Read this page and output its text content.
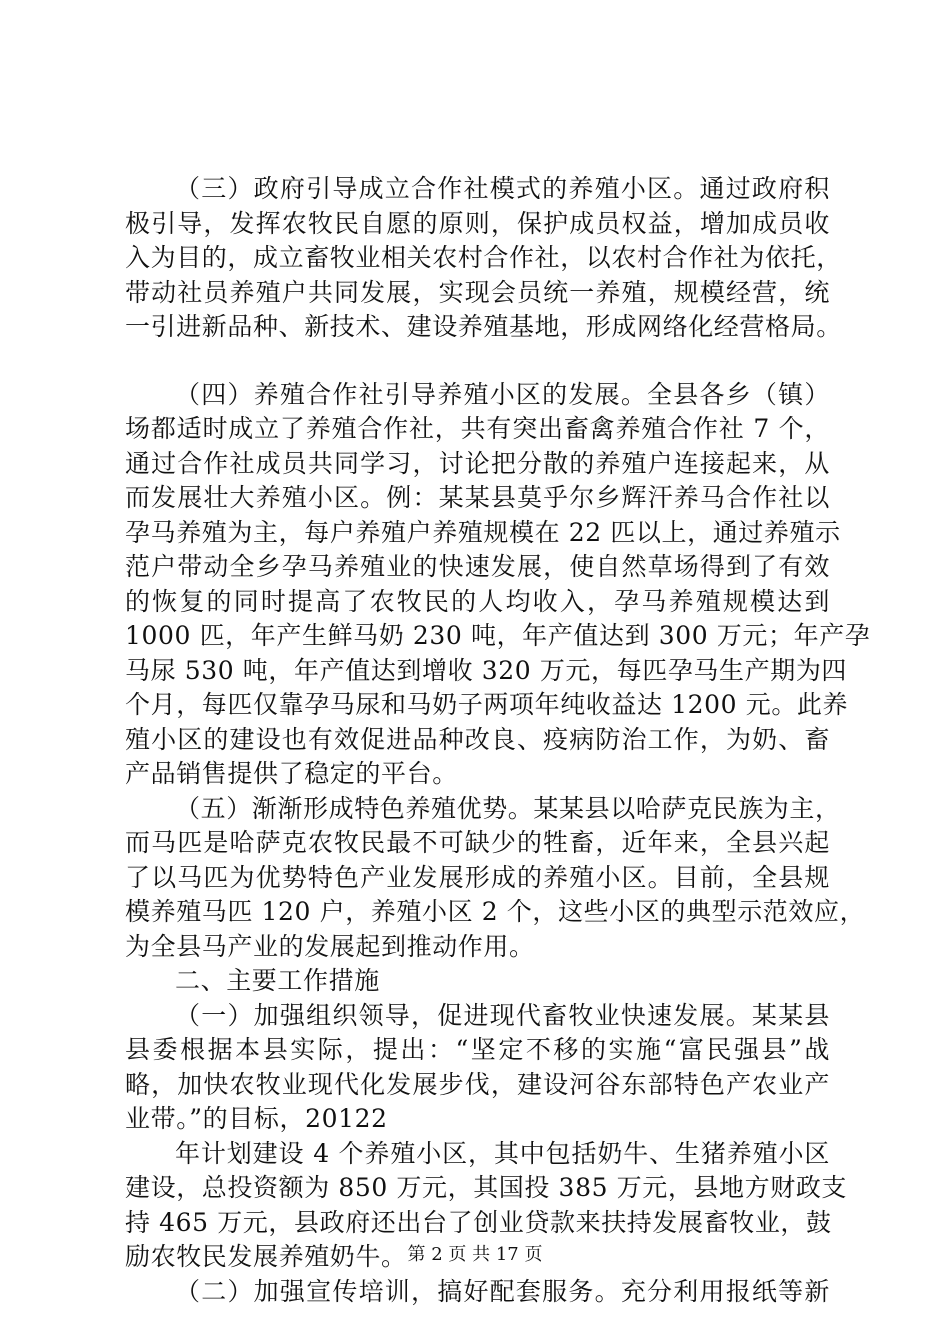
（三）政府引导成立合作社模式的养殖小区。通过政府积
极引导，发挥农牧民自愿的原则，保护成员权益，增加成员收
入为目的，成立畜牧业相关农村合作社，以农村合作社为依托，
带动社员养殖户共同发展，实现会员统一养殖，规模经营，统
一引进新品种、新技术、建设养殖基地，形成网络化经营格局。
（四）养殖合作社引导养殖小区的发展。全县各乡（镇）
场都适时成立了养殖合作社，共有突出畜禽养殖合作社 7 个，
通过合作社成员共同学习，讨论把分散的养殖户连接起来，从
而发展壮大养殖小区。例：某某县莫乎尔乡辉汗养马合作社以
孕马养殖为主，每户养殖户养殖规模在 22 匹以上，通过养殖示
范户带动全乡孕马养殖业的快速发展，使自然草场得到了有效
的恢复的同时提高了农牧民的人均收入，孕马养殖规模达到
1000 匹，年产生鲜马奶 230 吨，年产值达到 300 万元；年产孕
马尿 530 吨，年产值达到增收 320 万元，每匹孕马生产期为四
个月，每匹仅靠孕马尿和马奶子两项年纯收益达 1200 元。此养
殖小区的建设也有效促进品种改良、疫病防治工作，为奶、畜
产品销售提供了稳定的平台。
（五）渐渐形成特色养殖优势。某某县以哈萨克民族为主，
而马匹是哈萨克农牧民最不可缺少的牲畜，近年来，全县兴起
了以马匹为优势特色产业发展形成的养殖小区。目前，全县规
模养殖马匹 120 户，养殖小区 2 个，这些小区的典型示范效应，
为全县马产业的发展起到推动作用。
二、主要工作措施
（一）加强组织领导，促进现代畜牧业快速发展。某某县
县委根据本县实际，提出：“坚定不移的实施“富民强县”战
略，加快农牧业现代化发展步伐，建设河谷东部特色产农业产
业带。”的目标，20122
年计划建设 4 个养殖小区，其中包括奶牛、生猪养殖小区
建设，总投资额为 850 万元，其国投 385 万元，县地方财政支
持 465 万元，县政府还出台了创业贷款来扶持发展畜牧业，鼓
励农牧民发展养殖奶牛。
（二）加强宣传培训，搞好配套服务。充分利用报纸等新
第 2 页 共 17 页
